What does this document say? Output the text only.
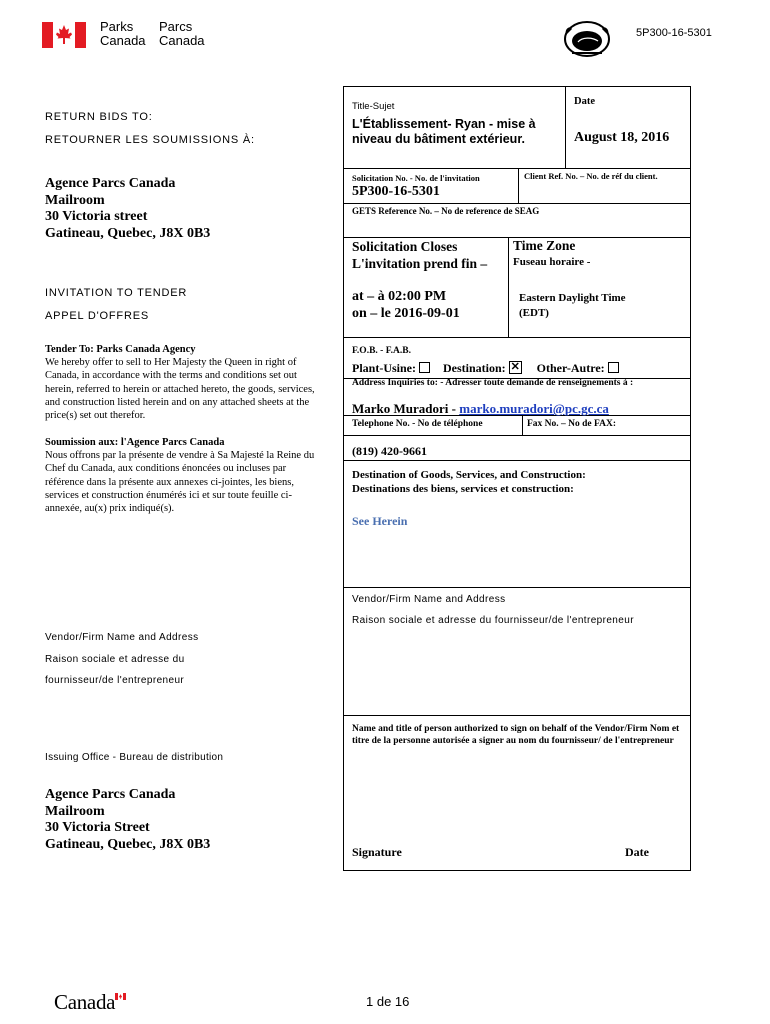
Parks
Canada
Parcs
Canada	5P300-16-5301
RETURN BIDS TO:
RETOURNER LES SOUMISSIONS À:
Agence Parcs Canada
Mailroom
30 Victoria street
Gatineau, Quebec, J8X 0B3
INVITATION TO TENDER
APPEL D'OFFRES
Tender To: Parks Canada Agency
We hereby offer to sell to Her Majesty the Queen in right of Canada, in accordance with the terms and conditions set out herein, referred to herein or attached hereto, the goods, services, and construction listed herein and on any attached sheets at the price(s) set out therefor.
Soumission aux: l'Agence Parcs Canada
Nous offrons par la présente de vendre à Sa Majesté la Reine du Chef du Canada, aux conditions énoncées ou incluses par référence dans la présente aux annexes ci-jointes, les biens, services et construction énumérés ici et sur toute feuille ci-annexée, au(x) prix indiqué(s).
Vendor/Firm Name and Address
Raison sociale et adresse du
fournisseur/de l'entrepreneur
Issuing Office - Bureau de distribution
Agence Parcs Canada
Mailroom
30 Victoria Street
Gatineau, Quebec, J8X 0B3
Title-Sujet
L'Établissement- Ryan - mise à niveau du bâtiment extérieur.
Date
August 18, 2016
Solicitation No. - No. de l'invitation
5P300-16-5301
Client Ref. No. – No. de réf du client.
GETS Reference No. – No de reference de SEAG
Solicitation Closes
L'invitation prend fin –
at – à 02:00 PM
on – le 2016-09-01
Time Zone
Fuseau horaire -
Eastern Daylight Time
(EDT)
F.O.B. - F.A.B.
Plant-Usine: Destination: ✕ Other-Autre:
Address Inquiries to: - Adresser toute demande de renseignements à :
Marko Muradori - marko.muradori@pc.gc.ca
Telephone No. - No de téléphone	Fax No. – No de FAX:
(819) 420-9661
Destination of Goods, Services, and Construction:
Destinations des biens, services et construction:
See Herein
Vendor/Firm Name and Address
Raison sociale et adresse du fournisseur/de l'entrepreneur
Name and title of person authorized to sign on behalf of the Vendor/Firm Nom et titre de la personne autorisée a signer au nom du fournisseur/ de l'entrepreneur
Signature	Date
Canada	1 de 16
